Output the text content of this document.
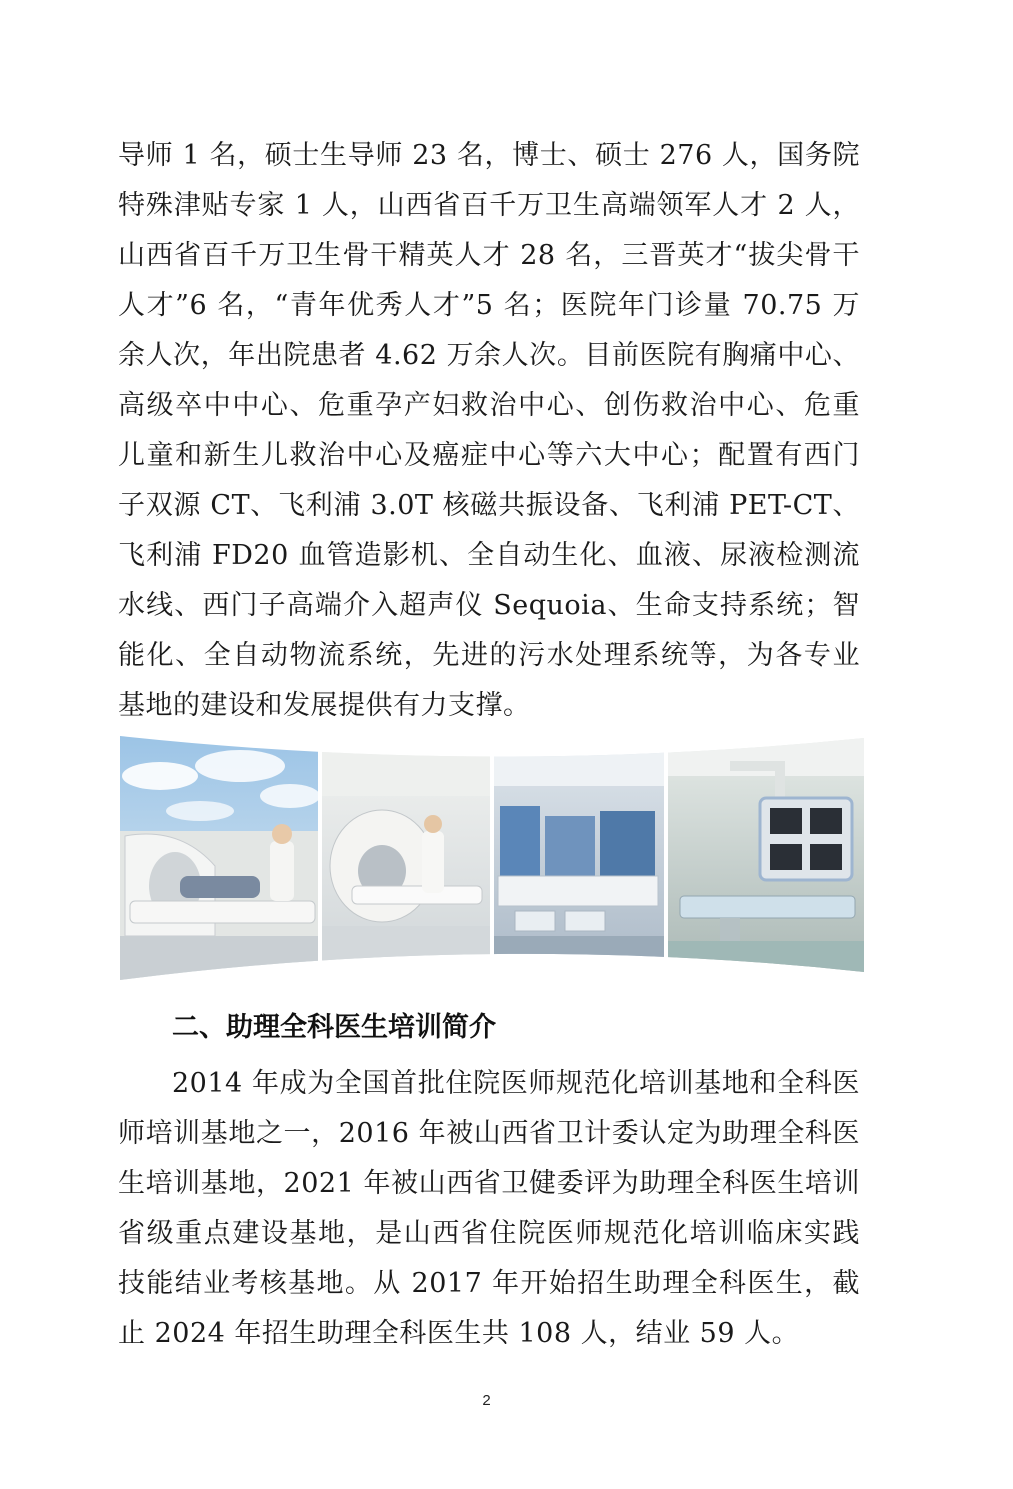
导师 1 名，硕士生导师 23 名，博士、硕士 276 人，国务院特殊津贴专家 1 人，山西省百千万卫生高端领军人才 2 人，山西省百千万卫生骨干精英人才 28 名，三晋英才“拔尖骨干人才”6 名，“青年优秀人才”5 名；医院年门诊量 70.75 万余人次，年出院患者 4.62 万余人次。目前医院有胸痛中心、高级卒中中心、危重孕产妇救治中心、创伤救治中心、危重儿童和新生儿救治中心及癌症中心等六大中心；配置有西门子双源 CT、飞利浦 3.0T 核磁共振设备、飞利浦 PET-CT、飞利浦 FD20 血管造影机、全自动生化、血液、尿液检测流水线、西门子高端介入超声仪 Sequoia、生命支持系统；智能化、全自动物流系统，先进的污水处理系统等，为各专业基地的建设和发展提供有力支撑。

二、助理全科医生培训简介

2014 年成为全国首批住院医师规范化培训基地和全科医师培训基地之一，2016 年被山西省卫计委认定为助理全科医生培训基地，2021 年被山西省卫健委评为助理全科医生培训省级重点建设基地，是山西省住院医师规范化培训临床实践技能结业考核基地。从 2017 年开始招生助理全科医生，截止 2024 年招生助理全科医生共 108 人，结业 59 人。

2
